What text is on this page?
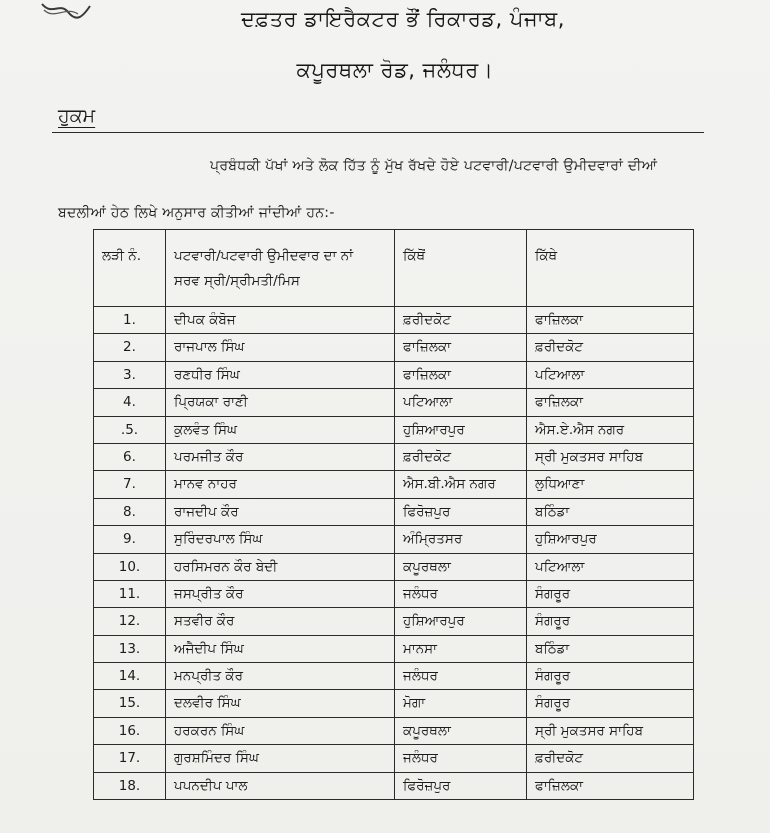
ਦਫ਼ਤਰ ਡਾਇਰੈਕਟਰ ਭੌਂ ਰਿਕਾਰਡ, ਪੰਜਾਬ,
ਕਪੂਰਥਲਾ ਰੋਡ, ਜਲੰਧਰ।
ਹੁਕਮ
ਪ੍ਰਬੰਧਕੀ ਪੱਖਾਂ ਅਤੇ ਲੋਕ ਹਿੱਤ ਨੂੰ ਮੁੱਖ ਰੱਖਦੇ ਹੋਏ ਪਟਵਾਰੀ/ਪਟਵਾਰੀ ਉਮੀਦਵਾਰਾਂ ਦੀਆਂ
ਬਦਲੀਆਂ ਹੇਠ ਲਿਖੇ ਅਨੁਸਾਰ ਕੀਤੀਆਂ ਜਾਂਦੀਆਂ ਹਨ:-
ਲੜੀ ਨੰ.	ਪਟਵਾਰੀ/ਪਟਵਾਰੀ ਉਮੀਦਵਾਰ ਦਾ ਨਾਂ
ਸਰਵ ਸ੍ਰੀ/ਸ੍ਰੀਮਤੀ/ਮਿਸ	ਕਿੱਥੋਂ	ਕਿੱਥੇ
1.	ਦੀਪਕ ਕੰਬੋਜ	ਫ਼ਰੀਦਕੋਟ	ਫਾਜ਼ਿਲਕਾ
2.	ਰਾਜਪਾਲ ਸਿੰਘ	ਫਾਜ਼ਿਲਕਾ	ਫ਼ਰੀਦਕੋਟ
3.	ਰਣਧੀਰ ਸਿੰਘ	ਫਾਜ਼ਿਲਕਾ	ਪਟਿਆਲਾ
4.	ਪ੍ਰਿਯਕਾ ਰਾਣੀ	ਪਟਿਆਲਾ	ਫਾਜ਼ਿਲਕਾ
.5.	ਕੁਲਵੰਤ ਸਿੰਘ	ਹੁਸ਼ਿਆਰਪੁਰ	ਐਸ.ਏ.ਐਸ ਨਗਰ
6.	ਪਰਮਜੀਤ ਕੌਰ	ਫ਼ਰੀਦਕੋਟ	ਸ੍ਰੀ ਮੁਕਤਸਰ ਸਾਹਿਬ
7.	ਮਾਨਵ ਨਾਹਰ	ਐਸ.ਬੀ.ਐਸ ਨਗਰ	ਲੁਧਿਆਣਾ
8.	ਰਾਜਦੀਪ ਕੌਰ	ਫਿਰੋਜ਼ਪੁਰ	ਬਠਿੰਡਾ
9.	ਸੁਰਿੰਦਰਪਾਲ ਸਿੰਘ	ਅੰਮ੍ਰਿਤਸਰ	ਹੁਸ਼ਿਆਰਪੁਰ
10.	ਹਰਸਿਮਰਨ ਕੌਰ ਬੇਦੀ	ਕਪੂਰਥਲਾ	ਪਟਿਆਲਾ
11.	ਜਸਪ੍ਰੀਤ ਕੌਰ	ਜਲੰਧਰ	ਸੰਗਰੂਰ
12.	ਸਤਵੀਰ ਕੌਰ	ਹੁਸ਼ਿਆਰਪੁਰ	ਸੰਗਰੂਰ
13.	ਅਜੈਦੀਪ ਸਿੰਘ	ਮਾਨਸਾ	ਬਠਿੰਡਾ
14.	ਮਨਪ੍ਰੀਤ ਕੌਰ	ਜਲੰਧਰ	ਸੰਗਰੂਰ
15.	ਦਲਵੀਰ ਸਿੰਘ	ਮੋਗਾ	ਸੰਗਰੂਰ
16.	ਹਰਕਰਨ ਸਿੰਘ	ਕਪੂਰਥਲਾ	ਸ੍ਰੀ ਮੁਕਤਸਰ ਸਾਹਿਬ
17.	ਗੁਰਸ਼ਮਿੰਦਰ ਸਿੰਘ	ਜਲੰਧਰ	ਫ਼ਰੀਦਕੋਟ
18.	ਪਪਨਦੀਪ ਪਾਲ	ਫਿਰੋਜ਼ਪੁਰ	ਫਾਜ਼ਿਲਕਾ
